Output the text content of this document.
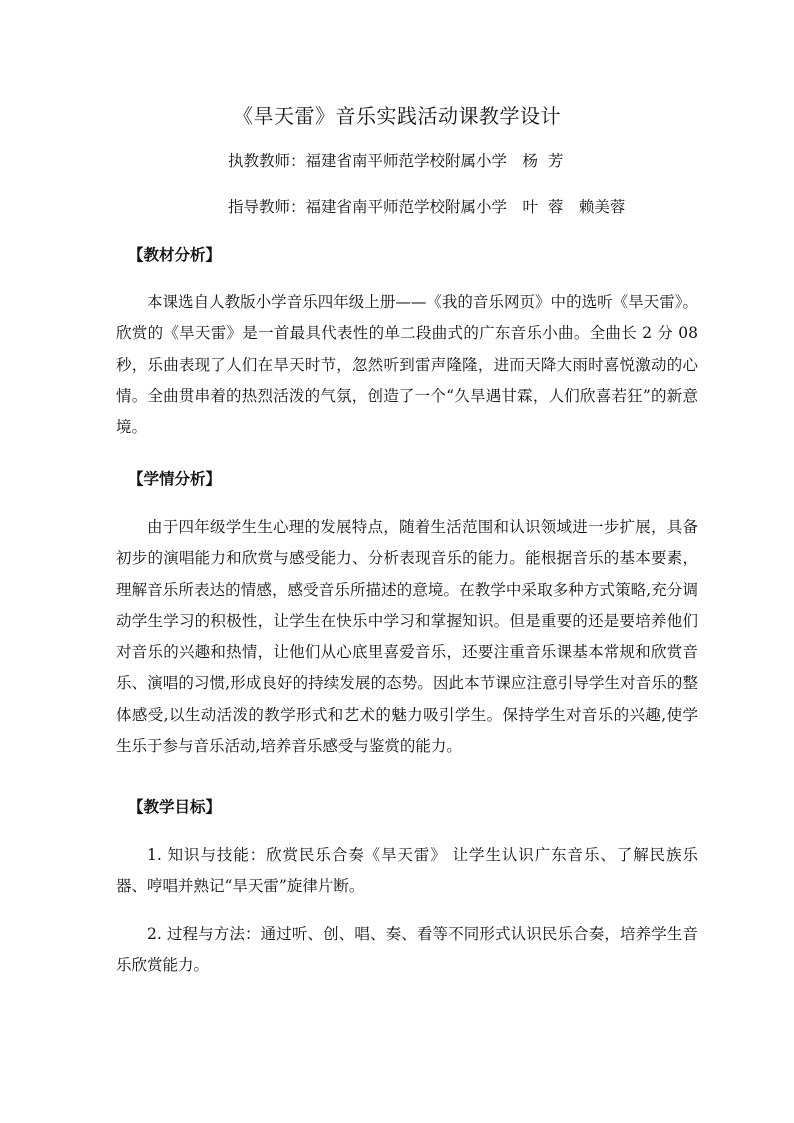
《旱天雷》音乐实践活动课教学设计
执教教师：福建省南平师范学校附属小学　杨  芳
指导教师：福建省南平师范学校附属小学　叶  蓉　赖美蓉
【教材分析】

本课选自人教版小学音乐四年级上册——《我的音乐网页》中的选听《旱天雷》。欣赏的《旱天雷》是一首最具代表性的单二段曲式的广东音乐小曲。全曲长 2 分 08 秒，乐曲表现了人们在旱天时节，忽然听到雷声隆隆，进而天降大雨时喜悦激动的心情。全曲贯串着的热烈活泼的气氛，创造了一个“久旱遇甘霖，人们欣喜若狂”的新意境。

【学情分析】

由于四年级学生生心理的发展特点，随着生活范围和认识领域进一步扩展，具备初步的演唱能力和欣赏与感受能力、分析表现音乐的能力。能根据音乐的基本要素，理解音乐所表达的情感，感受音乐所描述的意境。在教学中采取多种方式策略,充分调动学生学习的积极性，让学生在快乐中学习和掌握知识。但是重要的还是要培养他们对音乐的兴趣和热情，让他们从心底里喜爱音乐，还要注重音乐课基本常规和欣赏音乐、演唱的习惯,形成良好的持续发展的态势。因此本节课应注意引导学生对音乐的整体感受,以生动活泼的教学形式和艺术的魅力吸引学生。保持学生对音乐的兴趣,使学生乐于参与音乐活动,培养音乐感受与鉴赏的能力。

【教学目标】

1. 知识与技能：欣赏民乐合奏《旱天雷》 让学生认识广东音乐、了解民族乐器、哼唱并熟记“旱天雷”旋律片断。

2. 过程与方法：通过听、创、唱、奏、看等不同形式认识民乐合奏，培养学生音乐欣赏能力。
